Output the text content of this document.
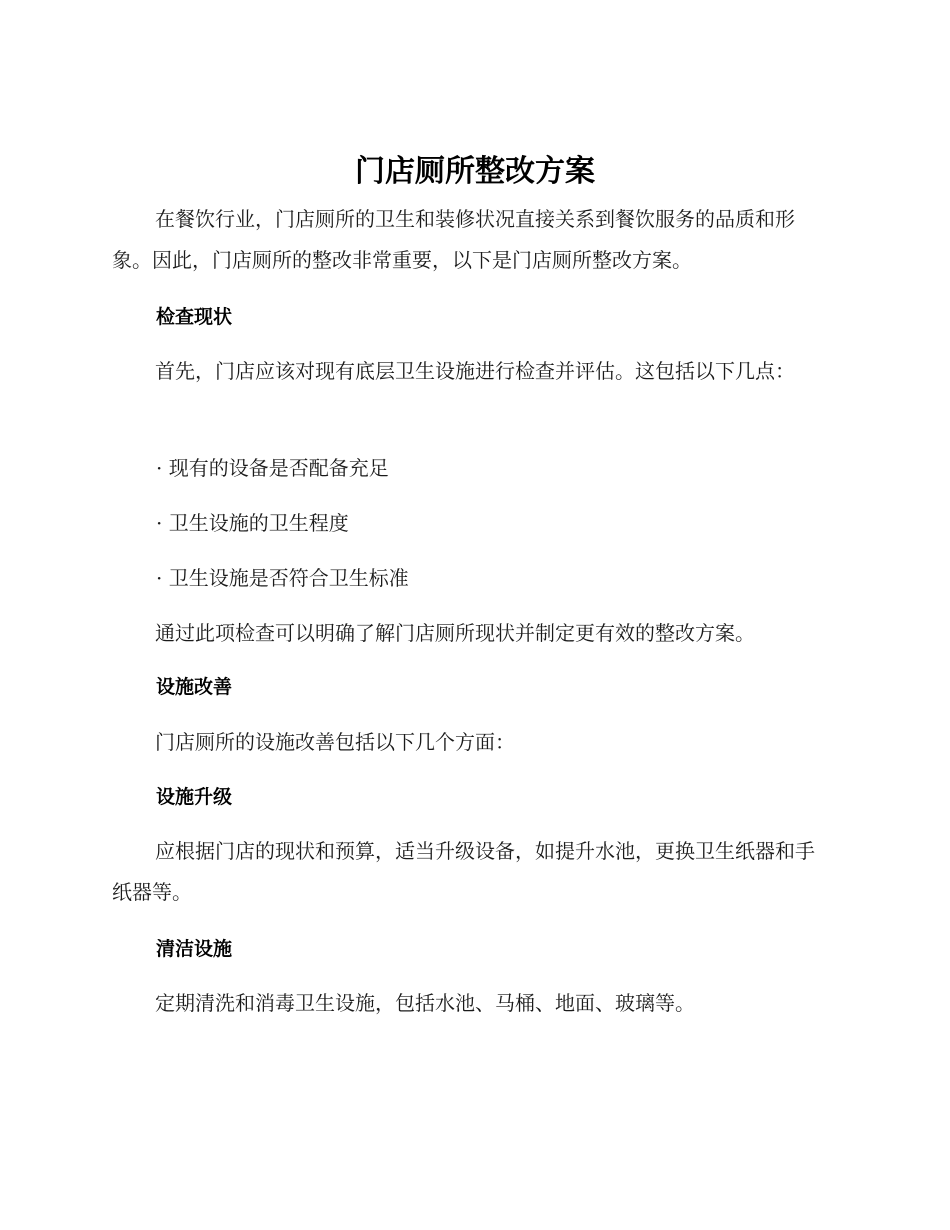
门店厕所整改方案

在餐饮行业，门店厕所的卫生和装修状况直接关系到餐饮服务的品质和形象。因此，门店厕所的整改非常重要，以下是门店厕所整改方案。

检查现状

首先，门店应该对现有底层卫生设施进行检查并评估。这包括以下几点：

· 现有的设备是否配备充足

· 卫生设施的卫生程度

· 卫生设施是否符合卫生标准

通过此项检查可以明确了解门店厕所现状并制定更有效的整改方案。

设施改善

门店厕所的设施改善包括以下几个方面：

设施升级

应根据门店的现状和预算，适当升级设备，如提升水池，更换卫生纸器和手纸器等。

清洁设施

定期清洗和消毒卫生设施，包括水池、马桶、地面、玻璃等。
